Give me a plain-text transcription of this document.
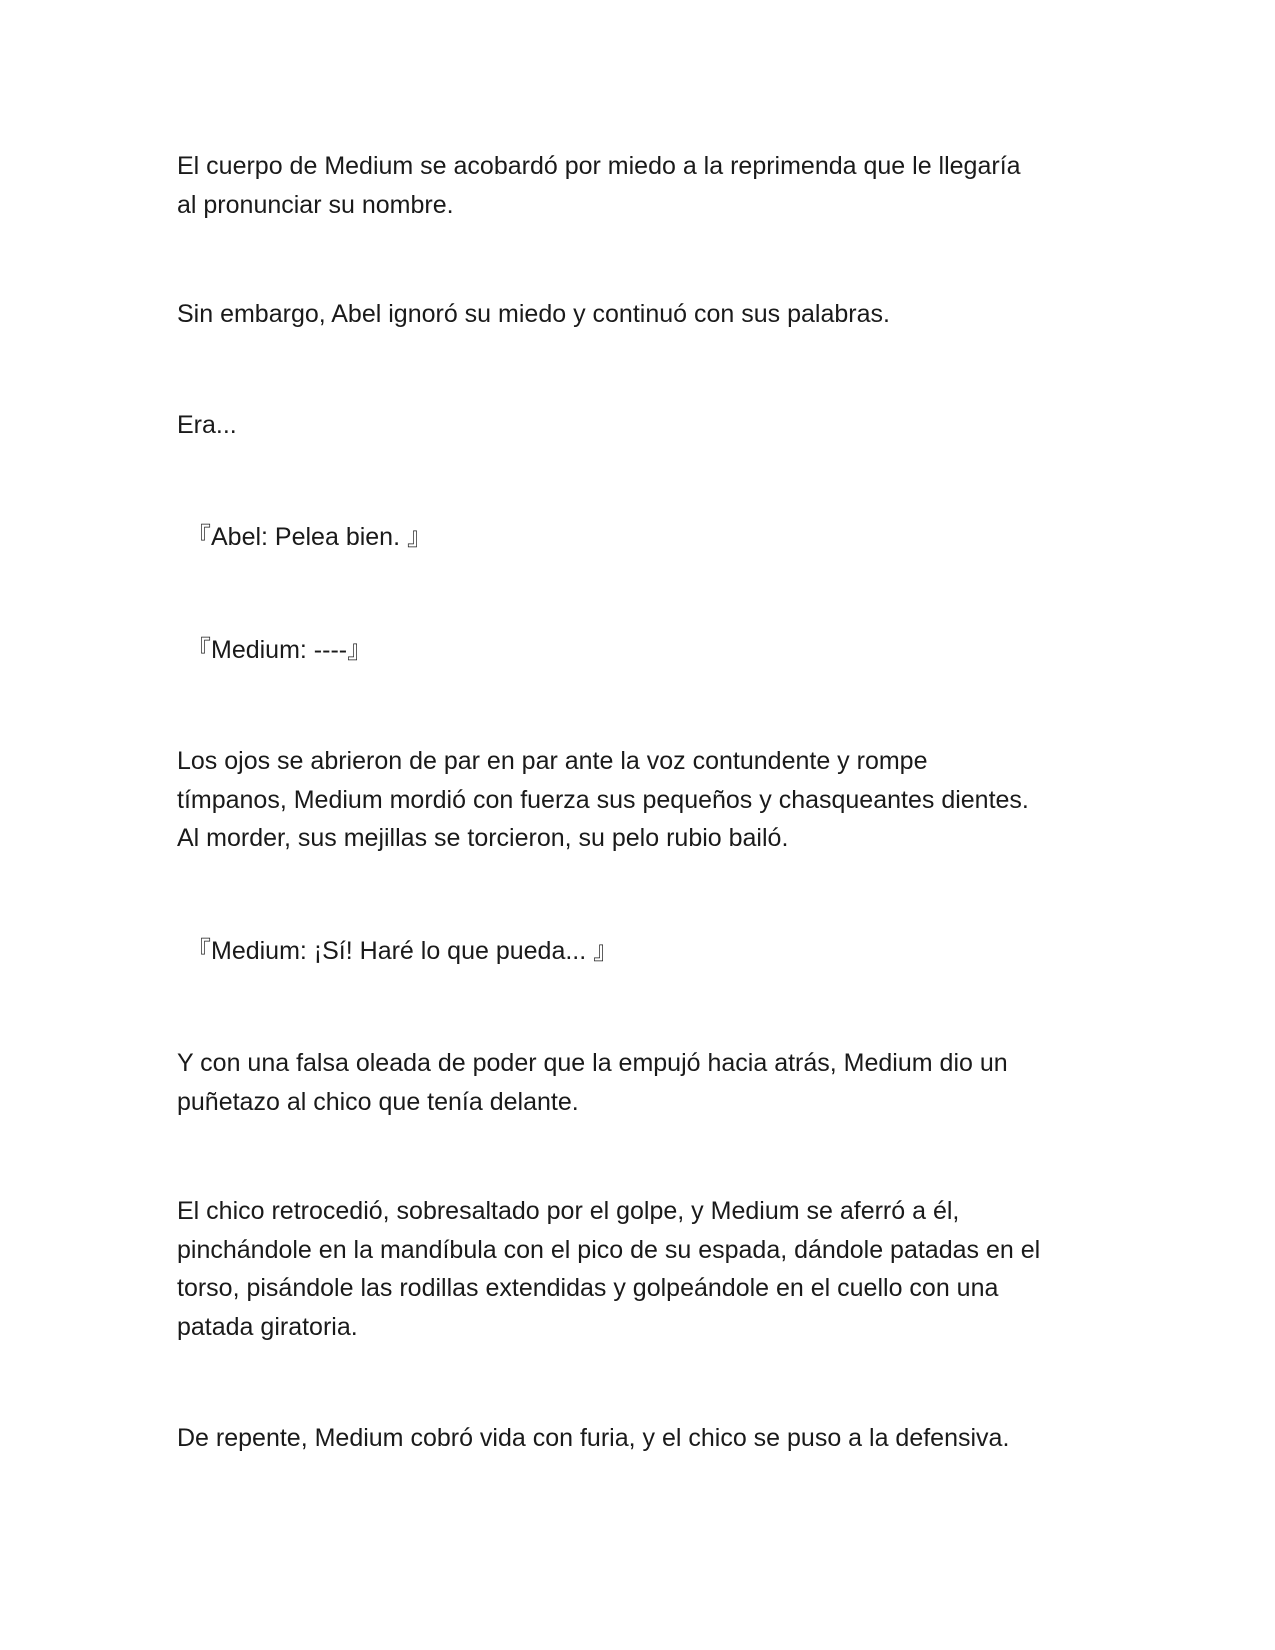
El cuerpo de Medium se acobardó por miedo a la reprimenda que le llegaría
al pronunciar su nombre.

Sin embargo, Abel ignoró su miedo y continuó con sus palabras.

Era...

『Abel: Pelea bien. 』

『Medium: ----』

Los ojos se abrieron de par en par ante la voz contundente y rompe
tímpanos, Medium mordió con fuerza sus pequeños y chasqueantes dientes.
Al morder, sus mejillas se torcieron, su pelo rubio bailó.

『Medium: ¡Sí! Haré lo que pueda... 』

Y con una falsa oleada de poder que la empujó hacia atrás, Medium dio un
puñetazo al chico que tenía delante.

El chico retrocedió, sobresaltado por el golpe, y Medium se aferró a él,
pinchándole en la mandíbula con el pico de su espada, dándole patadas en el
torso, pisándole las rodillas extendidas y golpeándole en el cuello con una
patada giratoria.

De repente, Medium cobró vida con furia, y el chico se puso a la defensiva.
